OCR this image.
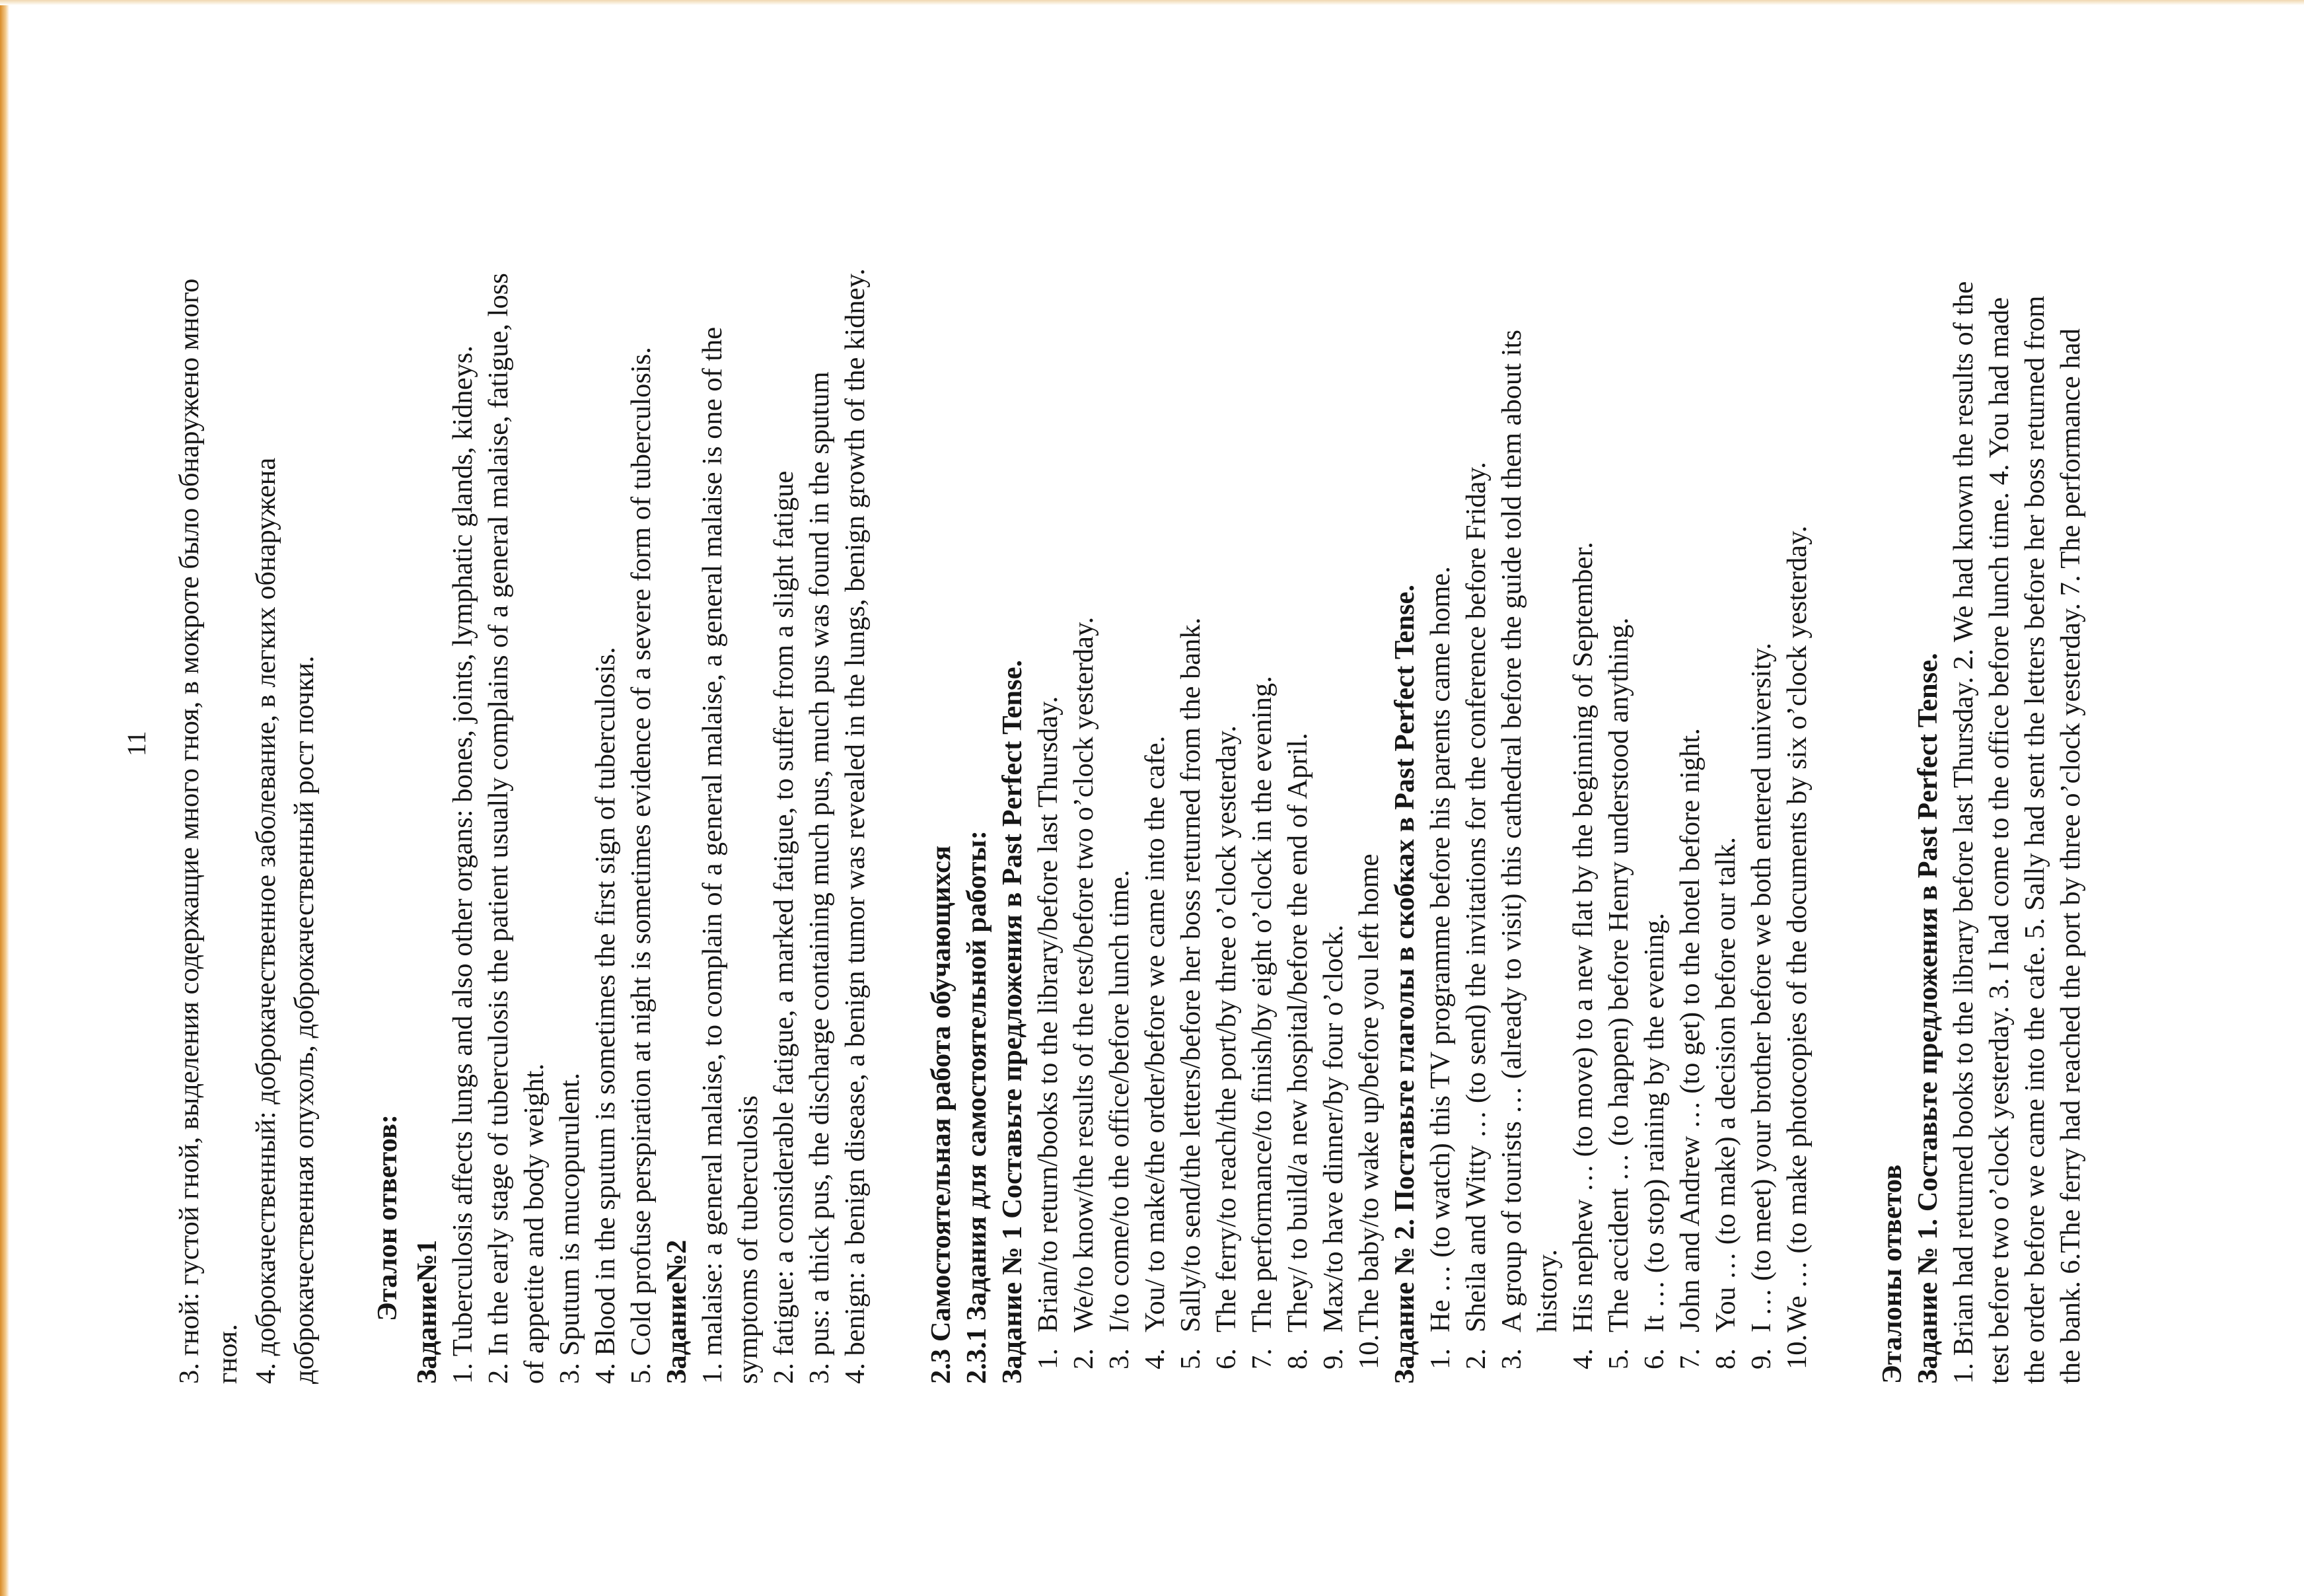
11 3. гной: густой гной, выделения содержащие много гноя, в мокроте было обнаружено много гноя. 4. доброкачественный: доброкачественное заболевание, в легких обнаружена доброкачественная опухоль, доброкачественный рост почки. Эталон ответов: Задание№1 1. Tuberculosis affects lungs and also other organs: bones, joints, lymphatic glands, kidneys. 2. In the early stage of tuberculosis the patient usually complains of a general malaise, fatigue, loss of appetite and body weight. 3. Sputum is mucopurulent. 4. Blood in the sputum is sometimes the first sign of tuberculosis. 5. Cold profuse perspiration at night is sometimes evidence of a severe form of tuberculosis. Задание№2 1. malaise: a general malaise, to complain of a general malaise, a general malaise is one of the symptoms of tuberculosis 2. fatigue: a considerable fatigue, a marked fatigue, to suffer from a slight fatigue 3. pus: a thick pus, the discharge containing much pus, much pus was found in the sputum 4. benign: a benign disease, a benign tumor was revealed in the lungs, benign growth of the kidney. 2.3 Самостоятельная работа обучающихся 2.3.1 Задания для самостоятельной работы: Задание № 1 Составьте предложения в Past Perfect Tense. 1.Brian/to return/books to the library/before last Thursday.
2.We/to know/the results of the test/before two o’clock yesterday.
3.I/to come/to the office/before lunch time.
4.You/ to make/the order/before we came into the cafe.
5.Sally/to send/the letters/before her boss returned from the bank.
6.The ferry/to reach/the port/by three o’clock yesterday.
7.The performance/to finish/by eight o’clock in the evening.
8.They/ to build/a new hospital/before the end of April.
9.Max/to have dinner/by four o’clock.
10.The baby/to wake up/before you left home Задание № 2. Поставьте глаголы в скобках в Past Perfect Tense. 1.He … (to watch) this TV programme before his parents came home.
2.Sheila and Witty … (to send) the invitations for the conference before Friday.
3.A group of tourists … (already to visit) this cathedral before the guide told them about its history.
4.His nephew … (to move) to a new flat by the beginning of September.
5.The accident … (to happen) before Henry understood anything.
6.It … (to stop) raining by the evening.
7.John and Andrew … (to get) to the hotel before night.
8.You … (to make) a decision before our talk.
9.I … (to meet) your brother before we both entered university.
10.We … (to make photocopies of the documents by six o’clock yesterday. Эталоны ответов Задание № 1. Составьте предложения в Past Perfect Tense. 1. Brian had returned books to the library before last Thursday. 2. We had known the results of the test before two o’clock yesterday. 3. I had come to the office before lunch time. 4. You had made the order before we came into the cafe. 5. Sally had sent the letters before her boss returned from the bank. 6.The ferry had reached the port by three o’clock yesterday. 7. The performance had
